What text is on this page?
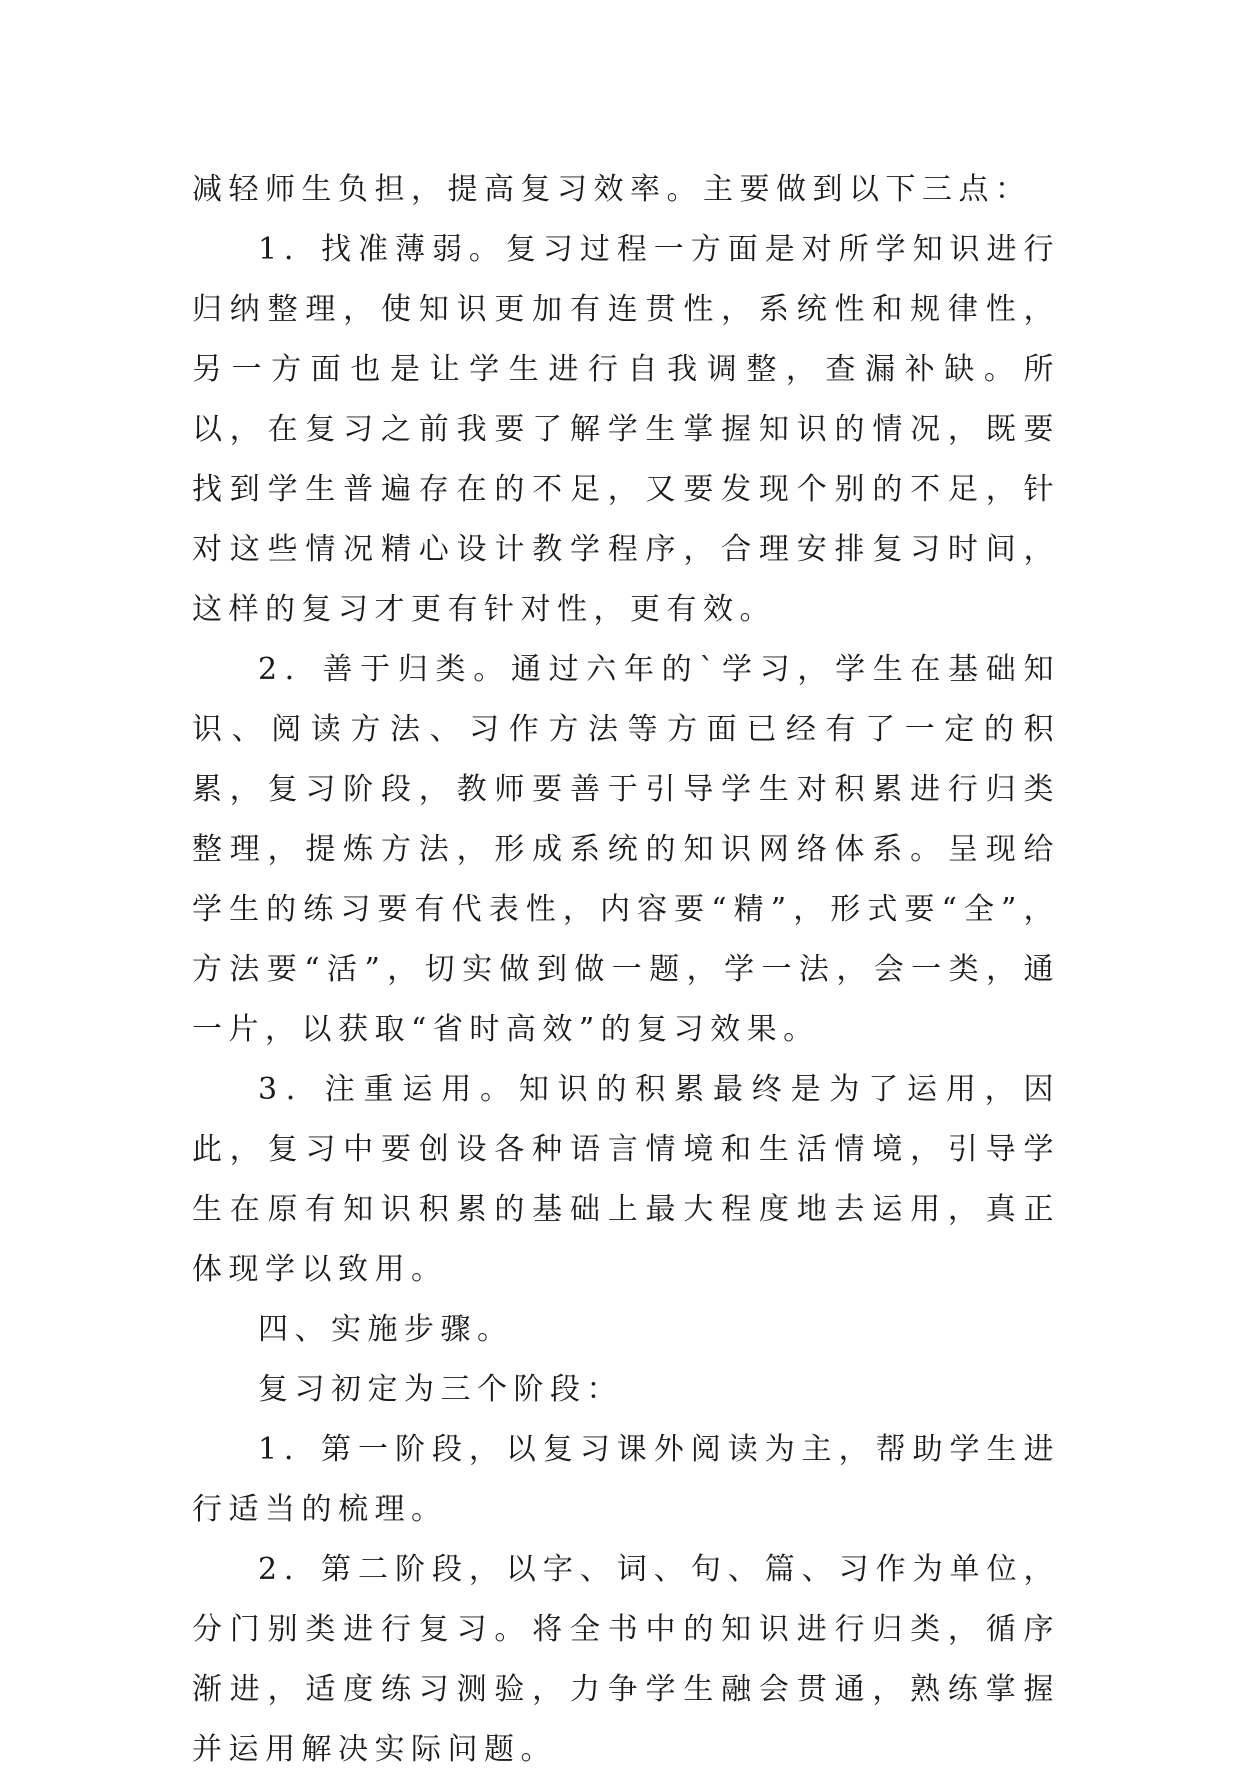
减轻师生负担，提高复习效率。主要做到以下三点：

1．找准薄弱。复习过程一方面是对所学知识进行归纳整理，使知识更加有连贯性，系统性和规律性，另一方面也是让学生进行自我调整，查漏补缺。所以，在复习之前我要了解学生掌握知识的情况，既要找到学生普遍存在的不足，又要发现个别的不足，针对这些情况精心设计教学程序，合理安排复习时间，这样的复习才更有针对性，更有效。

2．善于归类。通过六年的`学习，学生在基础知识、阅读方法、习作方法等方面已经有了一定的积累，复习阶段，教师要善于引导学生对积累进行归类整理，提炼方法，形成系统的知识网络体系。呈现给学生的练习要有代表性，内容要“精”，形式要“全”，方法要“活”，切实做到做一题，学一法，会一类，通一片，以获取“省时高效”的复习效果。

3．注重运用。知识的积累最终是为了运用，因此，复习中要创设各种语言情境和生活情境，引导学生在原有知识积累的基础上最大程度地去运用，真正体现学以致用。

四、实施步骤。

复习初定为三个阶段：

1．第一阶段，以复习课外阅读为主，帮助学生进行适当的梳理。

2．第二阶段，以字、词、句、篇、习作为单位，分门别类进行复习。将全书中的知识进行归类，循序渐进，适度练习测验，力争学生融会贯通，熟练掌握并运用解决实际问题。
